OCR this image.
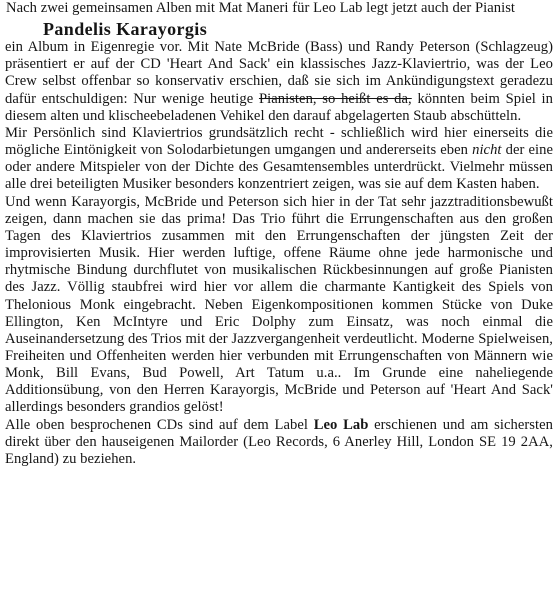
Nach zwei gemeinsamen Alben mit Mat Maneri für Leo Lab legt jetzt auch der Pianist

Pandelis Karayorgis

ein Album in Eigenregie vor. Mit Nate McBride (Bass) und Randy Peterson (Schlagzeug) präsentiert er auf der CD 'Heart And Sack' ein klassisches Jazz-Klaviertrio, was der Leo Crew selbst offenbar so konservativ erschien, daß sie sich im Ankündigungstext geradezu dafür entschuldigen: Nur wenige heutige Pianisten, so heißt es da, könnten beim Spiel in diesem alten und klischeebeladenen Vehikel den darauf abgelagerten Staub abschütteln.

Mir Persönlich sind Klaviertrios grundsätzlich recht - schließlich wird hier einerseits die mögliche Eintönigkeit von Solodarbietungen umgangen und andererseits eben nicht der eine oder andere Mitspieler von der Dichte des Gesamtensembles unterdrückt. Vielmehr müssen alle drei beteiligten Musiker besonders konzentriert zeigen, was sie auf dem Kasten haben.

Und wenn Karayorgis, McBride und Peterson sich hier in der Tat sehr jazztraditionsbewußt zeigen, dann machen sie das prima! Das Trio führt die Errungenschaften aus den großen Tagen des Klaviertrios zusammen mit den Errungenschaften der jüngsten Zeit der improvisierten Musik. Hier werden luftige, offene Räume ohne jede harmonische und rhytmische Bindung durchflutet von musikalischen Rückbesinnungen auf große Pianisten des Jazz. Völlig staubfrei wird hier vor allem die charmante Kantigkeit des Spiels von Thelonious Monk eingebracht. Neben Eigenkompositionen kommen Stücke von Duke Ellington, Ken McIntyre und Eric Dolphy zum Einsatz, was noch einmal die Auseinandersetzung des Trios mit der Jazzvergangenheit verdeutlicht. Moderne Spielweisen, Freiheiten und Offenheiten werden hier verbunden mit Errungenschaften von Männern wie Monk, Bill Evans, Bud Powell, Art Tatum u.a.. Im Grunde eine naheliegende Additionsübung, von den Herren Karayorgis, McBride und Peterson auf 'Heart And Sack' allerdings besonders grandios gelöst!

Alle oben besprochenen CDs sind auf dem Label Leo Lab erschienen und am sichersten direkt über den hauseigenen Mailorder (Leo Records, 6 Anerley Hill, London SE 19 2AA, England) zu beziehen.
